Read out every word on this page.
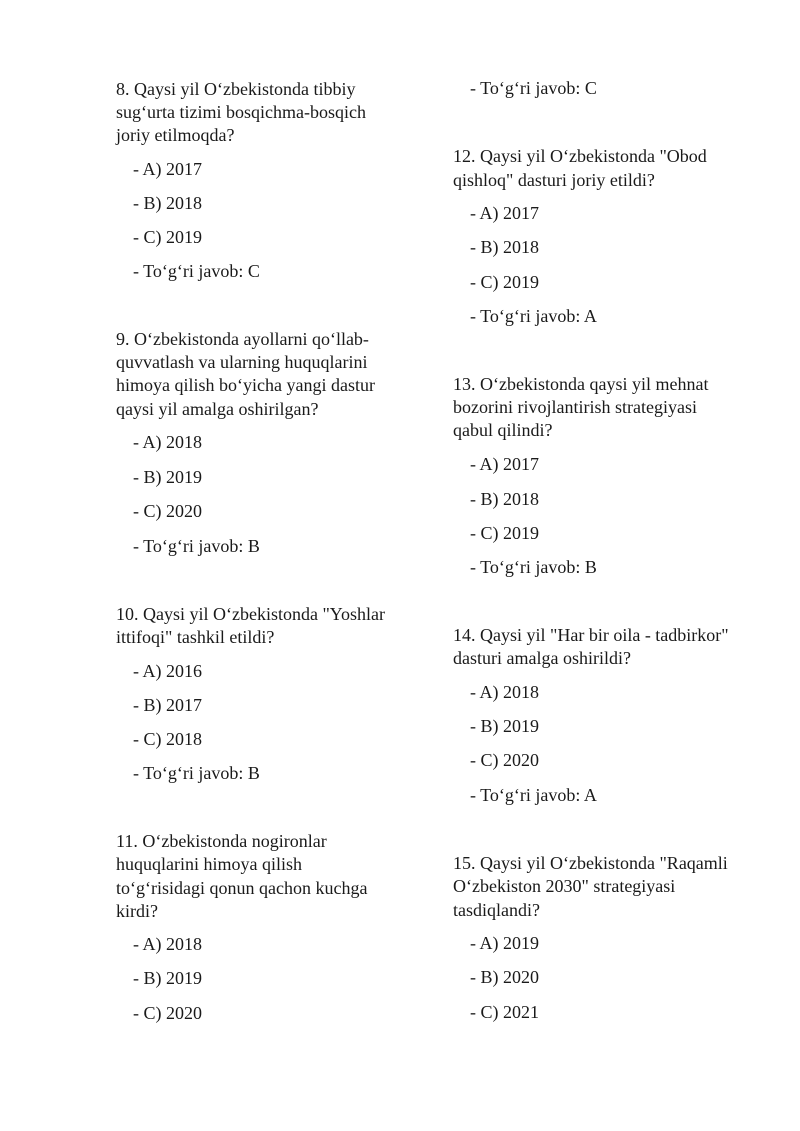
8. Qaysi yil O‘zbekistonda tibbiy
sug‘urta tizimi bosqichma-bosqich
joriy etilmoqda?
- A) 2017
- B) 2018
- C) 2019
- To‘g‘ri javob: C
9. O‘zbekistonda ayollarni qo‘llab-
quvvatlash va ularning huquqlarini
himoya qilish bo‘yicha yangi dastur
qaysi yil amalga oshirilgan?
- A) 2018
- B) 2019
- C) 2020
- To‘g‘ri javob: B
10. Qaysi yil O‘zbekistonda "Yoshlar
ittifoqi" tashkil etildi?
- A) 2016
- B) 2017
- C) 2018
- To‘g‘ri javob: B
11. O‘zbekistonda nogironlar
huquqlarini himoya qilish
to‘g‘risidagi qonun qachon kuchga
kirdi?
- A) 2018
- B) 2019
- C) 2020
- To‘g‘ri javob: C
12. Qaysi yil O‘zbekistonda "Obod
qishloq" dasturi joriy etildi?
- A) 2017
- B) 2018
- C) 2019
- To‘g‘ri javob: A
13. O‘zbekistonda qaysi yil mehnat
bozorini rivojlantirish strategiyasi
qabul qilindi?
- A) 2017
- B) 2018
- C) 2019
- To‘g‘ri javob: B
14. Qaysi yil "Har bir oila - tadbirkor"
dasturi amalga oshirildi?
- A) 2018
- B) 2019
- C) 2020
- To‘g‘ri javob: A
15. Qaysi yil O‘zbekistonda "Raqamli
O‘zbekiston 2030" strategiyasi
tasdiqlandi?
- A) 2019
- B) 2020
- C) 2021
